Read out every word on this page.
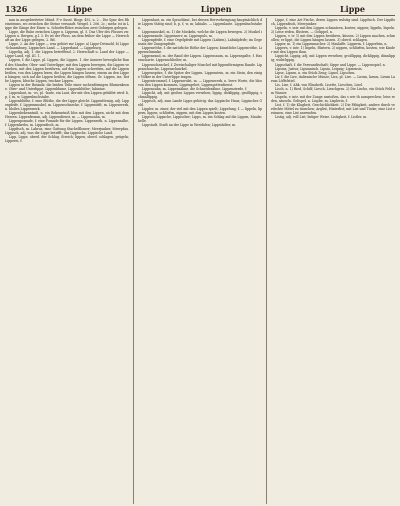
1326	Lippe	Lippen	Lippe

nun in ausgebreiteter Münd. F.-e Susst. Biogr. 492. u. 2... Die Spur des Rheinstroms, wo zwischen die Steine versandt. Weigel. I. 206. 2c.; mehr. ist in Lippe die Gänge der Eisen- u. Schieferflötze zwischen zwei Gebirgen gelegen.

Lippe, die Ruhe zwischen Lippe u. Lippenn, gl. 5. Das Ufer des Flusses zw. Lippen u. Bergen, g.l. 3. Es ist der Fluss, an dem früher die Lippe — Herrschaft an der Lippe gelegen, 2. Bd.

Lippe, 2. An der Lippe — was gehört zur Lippe: a) Lippe-Detmold, b) Lippe-Schaumburg. Lippisches Land. — Lipperland. — Lippeburg.

Lippelig, adj. 1. die Lippen betreffend. 2. Herrschaft u. Land der Lippe — Lippe-Land, vgl. III. 1.

Lippen, f. die Lippe, pl. Lippen, die Lippen. 1. der äussere bewegliche Rand des Mundes; Ober- und Unterlippe; mit den Lippen bewegen, die Lippen verziehen, mit den Lippen berühren, auf den Lippen schweben, auf die Lippen beißen, von den Lippen lesen; die Lippen hängen lassen; einem an den Lippen hängen; sich auf die Lippen beißen; die Lippen öffnen. Gr. Lippen, ins. Rothe Lippen, bleiche Lippen, trockne Lippen.

Lippen in der Botanik: die beiden Teile einer rachenförmigen Blumenkrone. Ober- und Unterlippe. Lippenblume, Lippenblütler; labiatae.

Lippenlaut, m. -es, pl. -laute, ein Laut, der mit den Lippen gebildet wird: b, p, f, m, w. Lippenbuchstabe.

Lippenblüthe, f. eine Blüthe, die der Lippe gleicht. Lippenförmig, adj. Lippenpfeife, f. Lippenmuskel, m. Lippenschnecke, f. Lippenstift, m. Lippenwerk, n. bloßes Lippenwerk.

Lippenbekenntniß, n. ein Bekenntniß blos mit den Lippen, nicht mit dem Herzen. Lippenfromm, adj. Lippendienst, m. — Lippenzahn, m.

Lippenpomade, f. eine Pomade für die Lippen. Lippenroth, n. Lippensalbe, f. Lippenkrebs, m. Lippenfisch, m.

Lippfisch, m. Labrus, eine Gattung Stachelflosser; Meerjunker, Meerpfau. Lippisch, adj. was die Lippe betrifft; das Lippische, Lippische Land.

Lipp, Lippe, oberd. der Schlag, Streich; lippen, oberd. schlagen, prügeln; Lipperei, f.

Lippenlaut, m. ein Sprachlaut, bei dessen Hervorbringung hauptsächlich die Lippen thätig sind; b, p, f, w, m; labialis. — Lippenlaute. Lippenbuchstaben.

Lippenmuskel, m. 1) die Muskeln, welche die Lippen bewegen. 2) Muskel im Lippenrande. Lippennerv, m. Lippenpuls, m.

Lippenpfeife, f. eine Orgelpfeife mit Lippen (Labien), Labialpfeife; im Gegensatz der Zungenpfeife.

Lippenröthe, f. die natürliche Röthe der Lippen; künstliche Lippenröthe, Lippenschminke.

Lippenrand, m. der Rand der Lippen. Lippensaum, m. Lippenspalte, f. Hasenscharte. Lippenschließer, m.

Lippenschneckel, f. Zweischaliger Muschel mit lippenförmigem Rande. Lippenschnecke, Lippenschnirkel.

Lippenspitze, f. die Spitze der Lippen. Lippenstein, m. ein Stein, den einige Völker in der Unterlippe tragen.

Lippentrommel, f. Lippenwulst, m. — Lippenwerk, n. leere Worte, die blos von den Lippen kommen, Lippengebet, Lippengottesdienst.

Lippenzahn, m. Lippenzähne, die Schneidezähne. Lippenzierde, f.

Lippicht, adj. mit großen Lippen versehen; lippig, dicklippig, großlippig, schmallippig.

Lippisch, adj. zum Lande Lippe gehörig: das Lippische Haus; Lippisches Geld.

Lippler, m. einer, der viel mit den Lippen spielt; Lippelung, f. — lippeln, lippern, lippen, schlürfen, nippen, mit den Lippen kosten.

Lippsch, Lippsche, Lippischer; Lipps, m. ein Schlag auf die Lippen, Maulschelle.

Lippstadt, Stadt an der Lippe in Westfalen; Lippstädter, m.

Lippe, f. eine Art Fische, deren Lippen wulstig sind. Lippfisch. Der Lippfisch, Lippenfisch, Meerjunker.

Lippeln, v. intr. mit den Lippen schmatzen, kosten; nippen; lippeln, lispeln. 2) Leise reden, flüstern. — Gelippel, n.

Lippen, v. tr. 1) mit den Lippen berühren, küssen. 2) Lippen machen, schmollen; er lippt, die Lippen hängen lassen. 3) oberd. schlagen.

Lipper, m. 1) ein Lippenmacher. 2) Maulaffe. Lipperin, f. Lipperlein, n.

Lippern, v. intr. 1) lispeln, flüstern. 2) nippen, schlürfen, kosten, wie Kinder mit den Lippen thun.

Lippicht, Lippig, adj. mit Lippen versehen; großlippig, dicklippig, dünnlippig; wulstlippig.

Lippschaft, f. die Verwandtschaft; Sippe und Lippe. — Lippenspiel, n.

Lipsius, Justus; Lipsianisch. Lipsia, Leipzig; Lipsiensis.

Lipse, Lipsen, n. ein Stück Zeug; Lipsel, Lipschen.

Lir, f. die Lire, italienische Münze; Lira, pl. Lire. — Lirum, larum, Lirum Larum Löffelstiel.

Lis, Lise, f. Abk. von Elisabeth. Lisette, Lieschen, Lisel.

Lisch, n. 1) Ried, Schilf; Liesch, Lieschgras. 2) Die Lische, ein Stück Feld am Wasser.

Lispeln, v. intr. mit der Zunge anstoßen, das s wie th aussprechen; leise reden, säuseln. Gelispel, n. Lispler, m. Lisplerin, f.

List, f. 1) die Klugheit, Geschicklichkeit. 2) Die Fähigkeit, andere durch verdeckte Mittel zu täuschen; Arglist, Hinterlist; mit List und Tücke; eine List ersinnen, eine List anwenden.

Listig, adj. voll List; listiger Weise. Listigkeit, f. Listler, m.
